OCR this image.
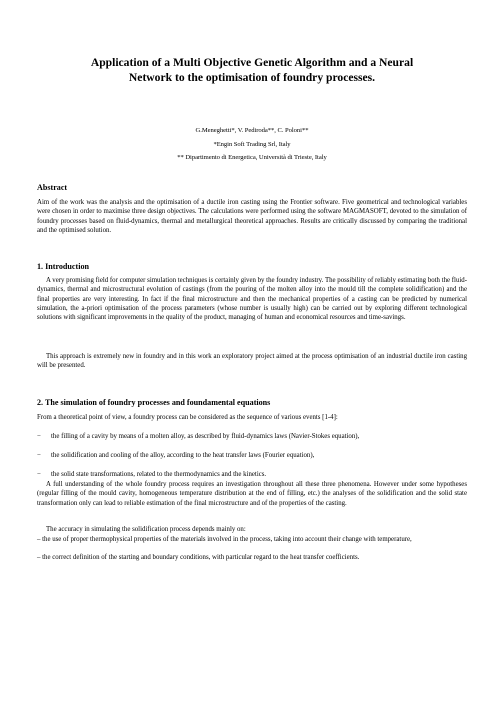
Application of a Multi Objective Genetic Algorithm and a Neural
Network to the optimisation of foundry processes.
G.Meneghetti*, V. Pediroda**, C. Poloni**
*Engin Soft Trading Srl, Italy
** Dipartimento di Energetica, Università di Trieste, Italy
Abstract

Aim of the work was the analysis and the optimisation of a ductile iron casting using the Frontier software. Five geometrical and technological variables were chosen in order to maximise three design objectives. The calculations were performed using the software MAGMASOFT, devoted to the simulation of foundry processes based on fluid-dynamics, thermal and metallurgical theoretical approaches. Results are critically discussed by comparing the traditional and the optimised solution.

1. Introduction

A very promising field for computer simulation techniques is certainly given by the foundry industry. The possibility of reliably estimating both the fluid-dynamics, thermal and microstructural evolution of castings (from the pouring of the molten alloy into the mould till the complete solidification) and the final properties are very interesting. In fact if the final microstructure and then the mechanical properties of a casting can be predicted by numerical simulation, the a-priori optimisation of the process parameters (whose number is usually high) can be carried out by exploring different technological solutions with significant improvements in the quality of the product, managing of human and economical resources and time-savings.

This approach is extremely new in foundry and in this work an exploratory project aimed at the process optimisation of an industrial ductile iron casting will be presented.

2. The simulation of foundry processes and foundamental equations

From a theoretical point of view, a foundry process can be considered as the sequence of various events [1-4]:

− the filling of a cavity by means of a molten alloy, as described by fluid-dynamics laws (Navier-Stokes equation),

− the solidification and cooling of the alloy, according to the heat transfer laws (Fourier equation),

− the solid state transformations, related to the thermodynamics and the kinetics.

A full understanding of the whole foundry process requires an investigation throughout all these three phenomena. However under some hypotheses (regular filling of the mould cavity, homogeneous temperature distribution at the end of filling, etc.) the analyses of the solidification and the solid state transformation only can lead to reliable estimation of the final microstructure and of the properties of the casting.

The accuracy in simulating the solidification process depends mainly on:

– the use of proper thermophysical properties of the materials involved in the process, taking into account their change with temperature,

– the correct definition of the starting and boundary conditions, with particular regard to the heat transfer coefficients.
